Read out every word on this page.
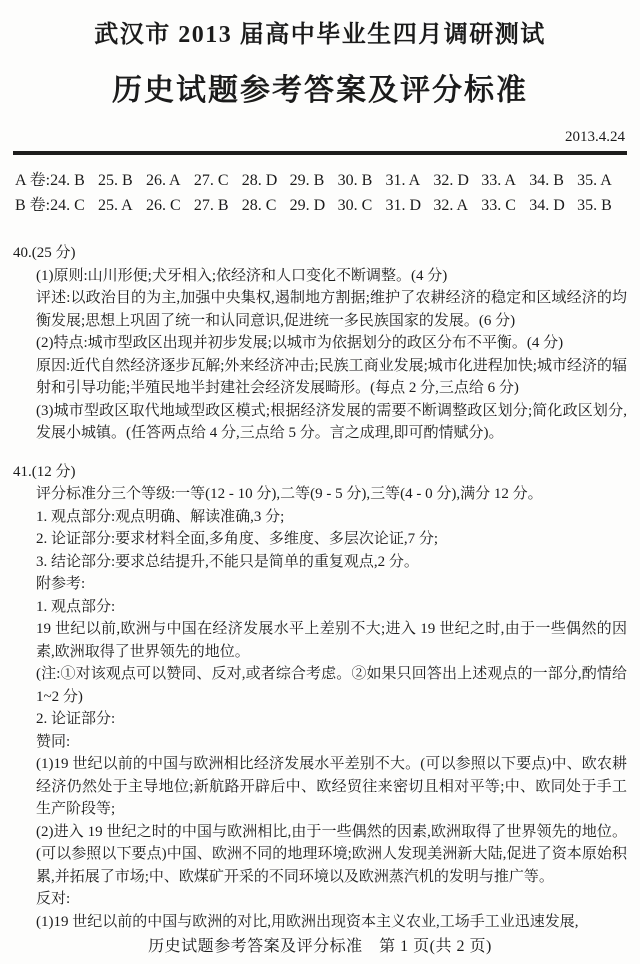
武汉市 2013 届高中毕业生四月调研测试
历史试题参考答案及评分标准
2013.4.24
A 卷: 24. B 25. B 26. A 27. C 28. D 29. B 30. B 31. A 32. D 33. A 34. B 35. A
B 卷: 24. C 25. A 26. C 27. B 28. C 29. D 30. C 31. D 32. A 33. C 34. D 35. B
40.(25 分)
(1)原则:山川形便;犬牙相入;依经济和人口变化不断调整。(4 分)
评述:以政治目的为主,加强中央集权,遏制地方割据;维护了农耕经济的稳定和区域经济的均衡发展;思想上巩固了统一和认同意识,促进统一多民族国家的发展。(6 分)
(2)特点:城市型政区出现并初步发展;以城市为依据划分的政区分布不平衡。(4 分)
原因:近代自然经济逐步瓦解;外来经济冲击;民族工商业发展;城市化进程加快;城市经济的辐射和引导功能;半殖民地半封建社会经济发展畸形。(每点 2 分,三点给 6 分)
(3)城市型政区取代地域型政区模式;根据经济发展的需要不断调整政区划分;简化政区划分,发展小城镇。(任答两点给 4 分,三点给 5 分。言之成理,即可酌情赋分)。
41.(12 分)
评分标准分三个等级:一等(12 - 10 分),二等(9 - 5 分),三等(4 - 0 分),满分 12 分。
1. 观点部分:观点明确、解读准确,3 分;
2. 论证部分:要求材料全面,多角度、多维度、多层次论证,7 分;
3. 结论部分:要求总结提升,不能只是简单的重复观点,2 分。
附参考:
1. 观点部分:
19 世纪以前,欧洲与中国在经济发展水平上差别不大;进入 19 世纪之时,由于一些偶然的因素,欧洲取得了世界领先的地位。
(注:①对该观点可以赞同、反对,或者综合考虑。②如果只回答出上述观点的一部分,酌情给 1~2 分)
2. 论证部分:
赞同:
(1)19 世纪以前的中国与欧洲相比经济发展水平差别不大。(可以参照以下要点)中、欧农耕经济仍然处于主导地位;新航路开辟后中、欧经贸往来密切且相对平等;中、欧同处于手工生产阶段等;
(2)进入 19 世纪之时的中国与欧洲相比,由于一些偶然的因素,欧洲取得了世界领先的地位。(可以参照以下要点)中国、欧洲不同的地理环境;欧洲人发现美洲新大陆,促进了资本原始积累,并拓展了市场;中、欧煤矿开采的不同环境以及欧洲蒸汽机的发明与推广等。
反对:
(1)19 世纪以前的中国与欧洲的对比,用欧洲出现资本主义农业,工场手工业迅速发展,
历史试题参考答案及评分标准　第 1 页(共 2 页)
